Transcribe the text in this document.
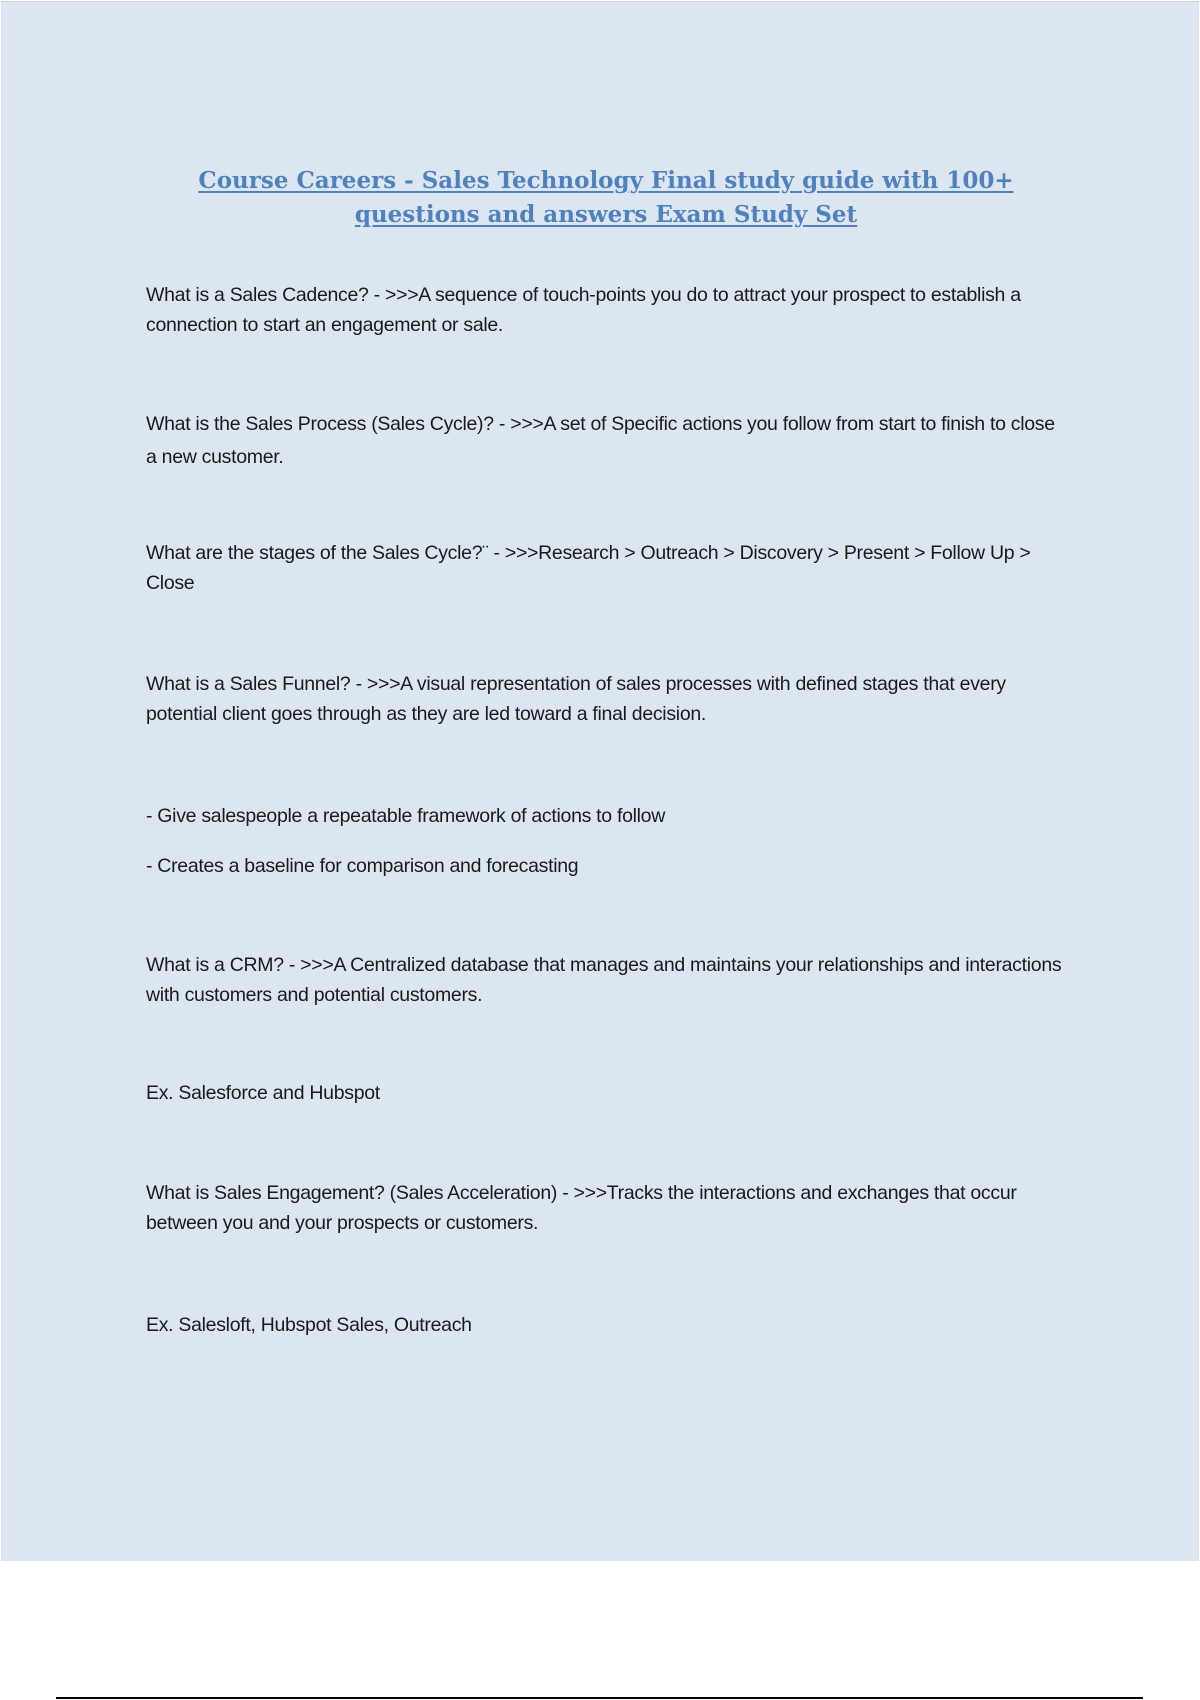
Course Careers - Sales Technology Final study guide with 100+ questions and answers Exam Study Set

What is a Sales Cadence? - >>>A sequence of touch-points you do to attract your prospect to establish a connection to start an engagement or sale.

What is the Sales Process (Sales Cycle)? - >>>A set of Specific actions you follow from start to finish to close a new customer.

What are the stages of the Sales Cycle?¨ - >>>Research > Outreach > Discovery > Present > Follow Up > Close

What is a Sales Funnel? - >>>A visual representation of sales processes with defined stages that every potential client goes through as they are led toward a final decision.

- Give salespeople a repeatable framework of actions to follow

- Creates a baseline for comparison and forecasting

What is a CRM? - >>>A Centralized database that manages and maintains your relationships and interactions with customers and potential customers.

Ex. Salesforce and Hubspot

What is Sales Engagement? (Sales Acceleration) - >>>Tracks the interactions and exchanges that occur between you and your prospects or customers.

Ex. Salesloft, Hubspot Sales, Outreach
